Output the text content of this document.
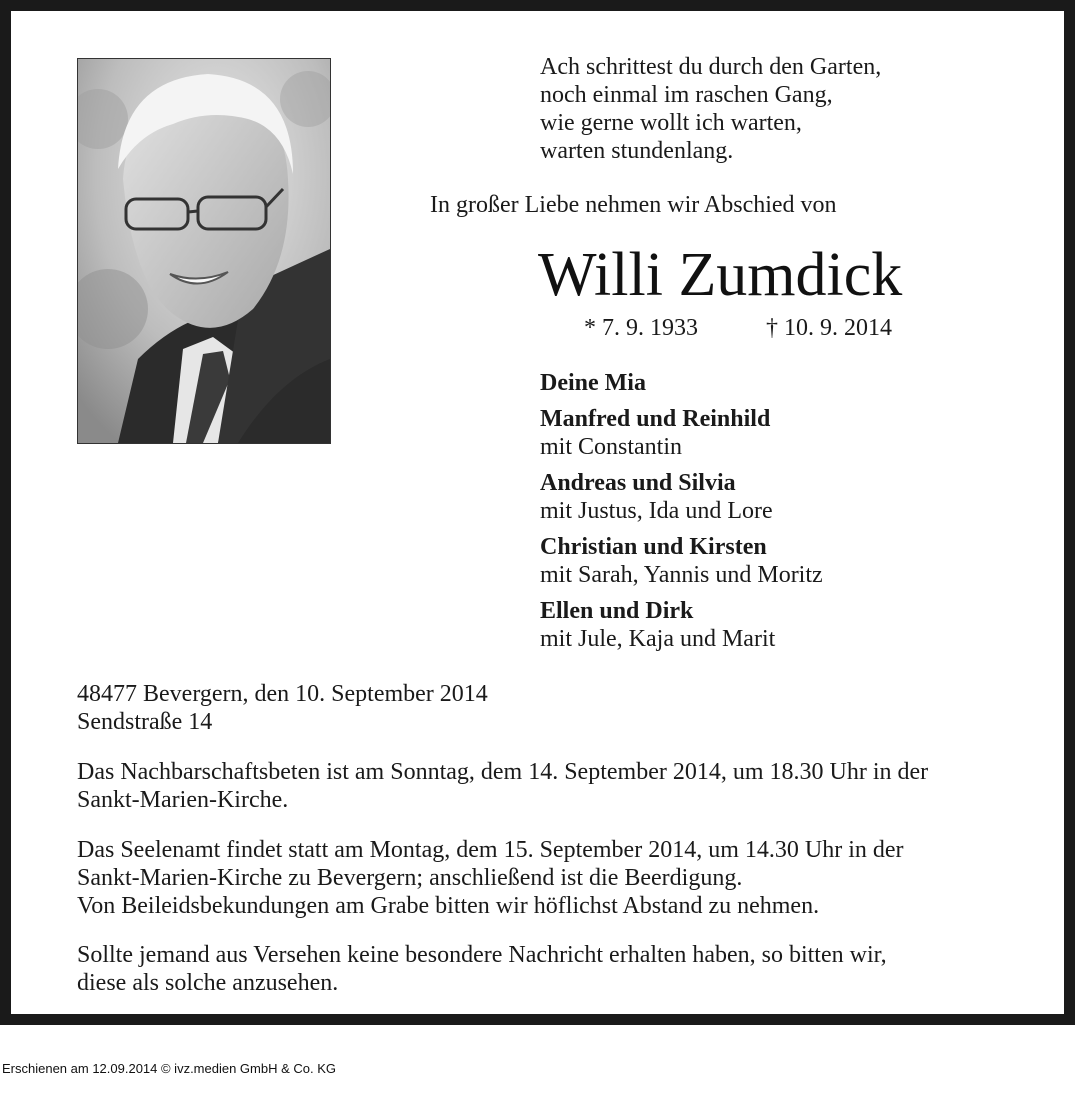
Ach schrittest du durch den Garten,
noch einmal im raschen Gang,
wie gerne wollt ich warten,
warten stundenlang.
In großer Liebe nehmen wir Abschied von
Willi Zumdick
* 7. 9. 1933	† 10. 9. 2014
Deine Mia
Manfred und Reinhild
mit Constantin
Andreas und Silvia
mit Justus, Ida und Lore
Christian und Kirsten
mit Sarah, Yannis und Moritz
Ellen und Dirk
mit Jule, Kaja und Marit
48477 Bevergern, den 10. September 2014
Sendstraße 14
Das Nachbarschaftsbeten ist am Sonntag, dem 14. September 2014, um 18.30 Uhr in der
Sankt-Marien-Kirche.
Das Seelenamt findet statt am Montag, dem 15. September 2014, um 14.30 Uhr in der
Sankt-Marien-Kirche zu Bevergern; anschließend ist die Beerdigung.
Von Beileidsbekundungen am Grabe bitten wir höflichst Abstand zu nehmen.
Sollte jemand aus Versehen keine besondere Nachricht erhalten haben, so bitten wir,
diese als solche anzusehen.
Erschienen am 12.09.2014 © ivz.medien GmbH & Co. KG
